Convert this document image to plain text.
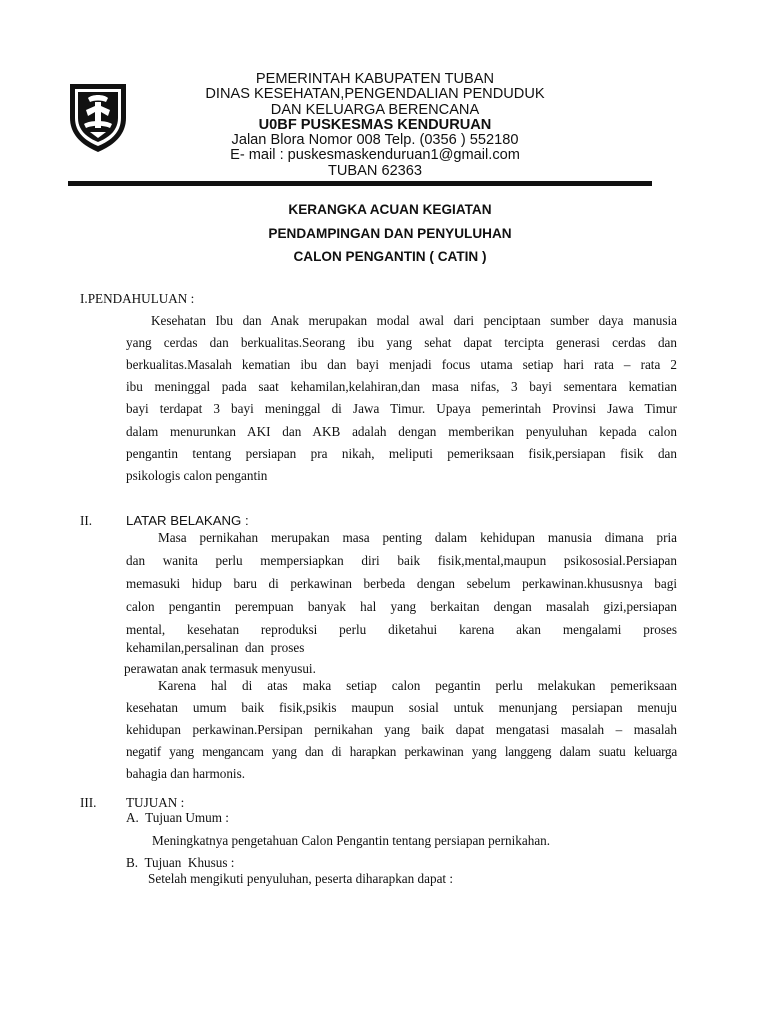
PEMERINTAH KABUPATEN TUBAN
DINAS KESEHATAN,PENGENDALIAN PENDUDUK
DAN KELUARGA BERENCANA
U0BF PUSKESMAS KENDURUAN
Jalan Blora Nomor 008 Telp. (0356 ) 552180
E- mail : puskesmaskenduruan1@gmail.com
TUBAN 62363
KERANGKA ACUAN KEGIATAN
PENDAMPINGAN DAN PENYULUHAN
CALON PENGANTIN ( CATIN )
I.PENDAHULUAN :
Kesehatan Ibu dan Anak merupakan modal awal dari penciptaan sumber daya manusia
yang cerdas dan berkualitas.Seorang ibu yang sehat dapat tercipta generasi cerdas dan
berkualitas.Masalah kematian ibu dan bayi menjadi focus utama setiap hari rata – rata 2
ibu meninggal pada saat kehamilan,kelahiran,dan masa nifas, 3 bayi sementara kematian
bayi terdapat 3 bayi meninggal di Jawa Timur. Upaya pemerintah Provinsi Jawa Timur
dalam menurunkan AKI dan AKB adalah dengan memberikan penyuluhan kepada calon
pengantin tentang persiapan pra nikah, meliputi pemeriksaan fisik,persiapan fisik dan
psikologis calon pengantin
II.	LATAR BELAKANG :
Masa pernikahan merupakan masa penting dalam kehidupan manusia dimana pria
dan wanita perlu mempersiapkan diri baik fisik,mental,maupun psikososial.Persiapan
memasuki hidup baru di perkawinan berbeda dengan sebelum perkawinan.khususnya bagi
calon pengantin perempuan banyak hal yang berkaitan dengan masalah gizi,persiapan
mental, kesehatan reproduksi perlu diketahui karena akan mengalami proses
kehamilan,persalinan  dan  proses
perawatan anak termasuk menyusui.
Karena hal di atas maka setiap calon pegantin perlu melakukan pemeriksaan
kesehatan umum baik fisik,psikis maupun sosial untuk menunjang persiapan menuju
kehidupan perkawinan.Persipan pernikahan yang baik dapat mengatasi masalah – masalah
negatif yang mengancam yang dan di harapkan perkawinan yang langgeng dalam suatu keluarga
bahagia dan harmonis.
III. TUJUAN :
A.  Tujuan Umum :
Meningkatnya pengetahuan Calon Pengantin tentang persiapan pernikahan.
B.  Tujuan  Khusus :
Setelah mengikuti penyuluhan, peserta diharapkan dapat :
